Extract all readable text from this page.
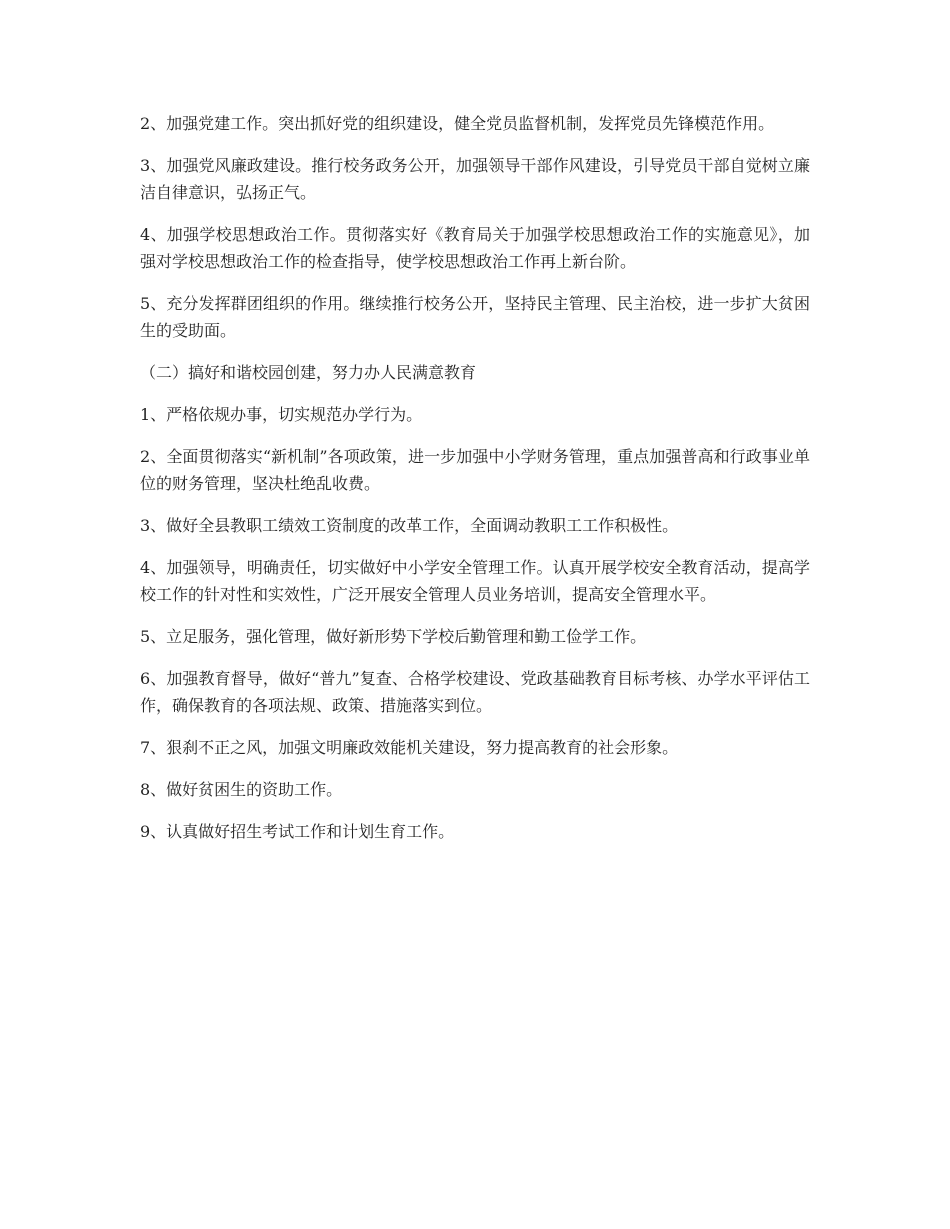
2、加强党建工作。突出抓好党的组织建设，健全党员监督机制，发挥党员先锋模范作用。

3、加强党风廉政建设。推行校务政务公开，加强领导干部作风建设，引导党员干部自觉树立廉洁自律意识，弘扬正气。

4、加强学校思想政治工作。贯彻落实好《教育局关于加强学校思想政治工作的实施意见》，加强对学校思想政治工作的检查指导，使学校思想政治工作再上新台阶。

5、充分发挥群团组织的作用。继续推行校务公开，坚持民主管理、民主治校，进一步扩大贫困生的受助面。

（二）搞好和谐校园创建，努力办人民满意教育

1、严格依规办事，切实规范办学行为。

2、全面贯彻落实“新机制”各项政策，进一步加强中小学财务管理，重点加强普高和行政事业单位的财务管理，坚决杜绝乱收费。

3、做好全县教职工绩效工资制度的改革工作，全面调动教职工工作积极性。

4、加强领导，明确责任，切实做好中小学安全管理工作。认真开展学校安全教育活动，提高学校工作的针对性和实效性，广泛开展安全管理人员业务培训，提高安全管理水平。

5、立足服务，强化管理，做好新形势下学校后勤管理和勤工俭学工作。

6、加强教育督导，做好“普九”复查、合格学校建设、党政基础教育目标考核、办学水平评估工作，确保教育的各项法规、政策、措施落实到位。

7、狠刹不正之风，加强文明廉政效能机关建设，努力提高教育的社会形象。

8、做好贫困生的资助工作。

9、认真做好招生考试工作和计划生育工作。
